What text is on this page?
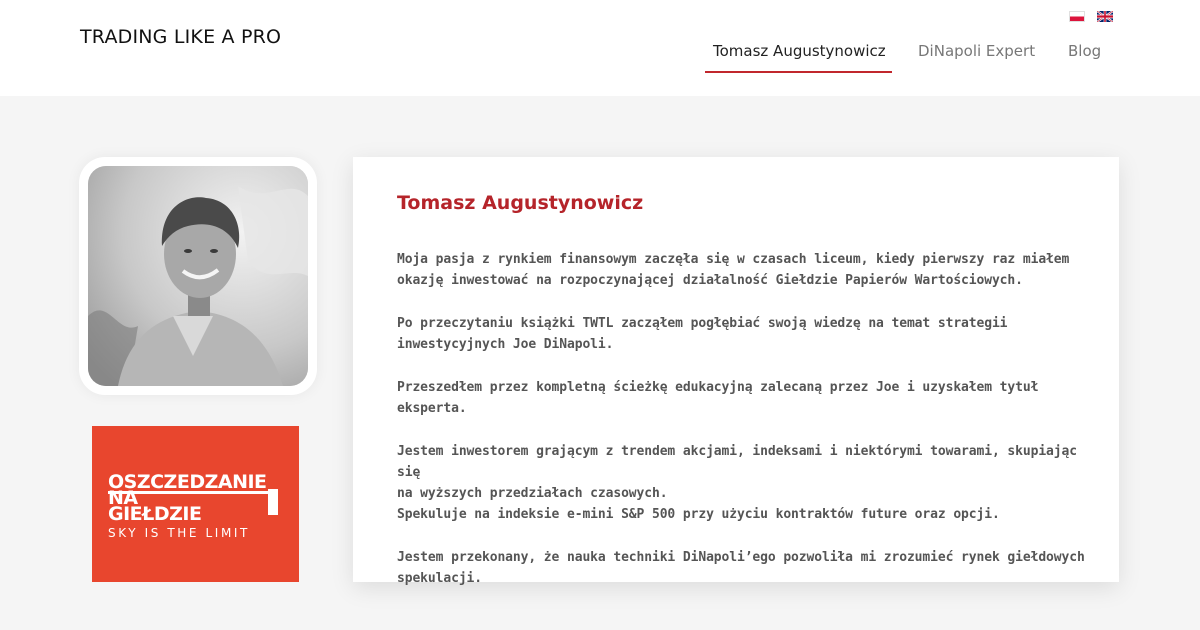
TRADING LIKE A PRO
Tomasz Augustynowicz DiNapoli Expert Blog
OSZCZEDZANIE
NA
GIEŁDZIE
SKY IS THE LIMIT
Tomasz Augustynowicz

Moja pasja z rynkiem finansowym zaczęła się w czasach liceum, kiedy pierwszy raz miałem
okazję inwestować na rozpoczynającej działalność Giełdzie Papierów Wartościowych.

Po przeczytaniu książki TWTL zacząłem pogłębiać swoją wiedzę na temat strategii
inwestycyjnych Joe DiNapoli.

Przeszedłem przez kompletną ścieżkę edukacyjną zalecaną przez Joe i uzyskałem tytuł eksperta.

Jestem inwestorem grającym z trendem akcjami, indeksami i niektórymi towarami, skupiając się
na wyższych przedziałach czasowych.
Spekuluje na indeksie e-mini S&P 500 przy użyciu kontraktów future oraz opcji.

Jestem przekonany, że nauka techniki DiNapoli’ego pozwoliła mi zrozumieć rynek giełdowych
spekulacji.
